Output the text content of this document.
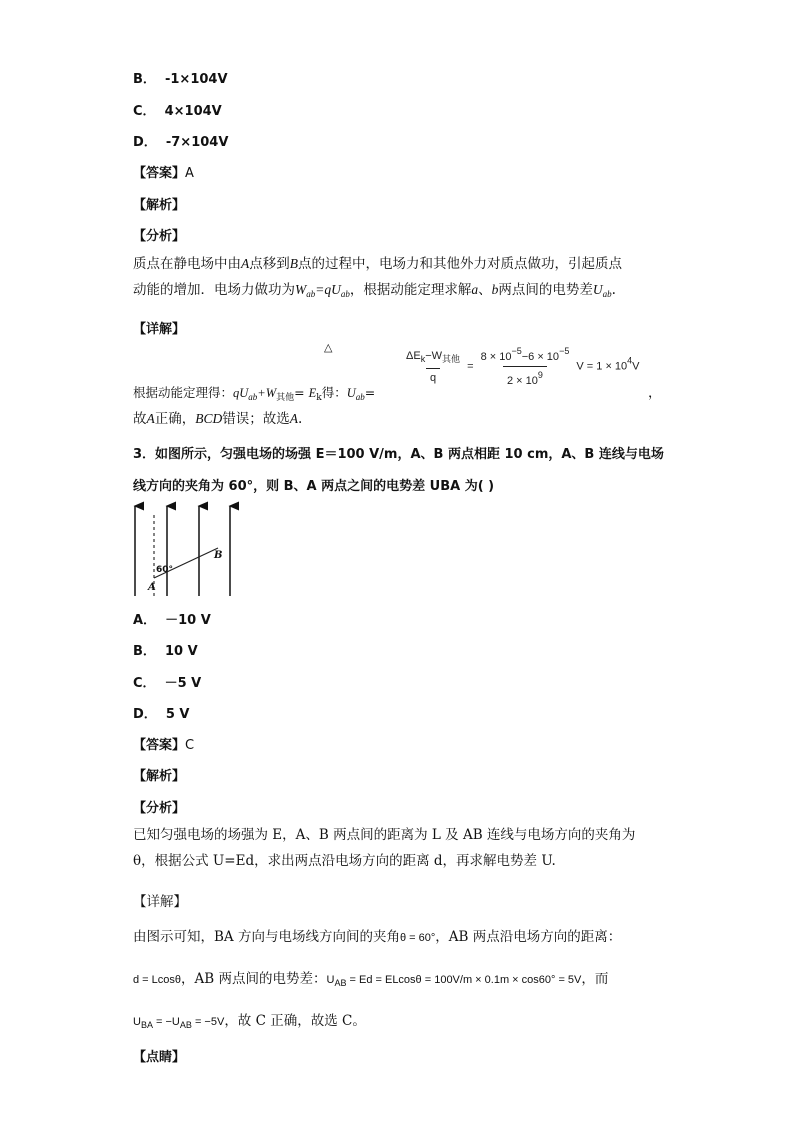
B． -1×104V
C． 4×104V
D． -7×104V
【答案】A
【解析】
【分析】
质点在静电场中由A点移到B点的过程中，电场力和其他外力对质点做功，引起质点
动能的增加．电场力做功为$W_{ab}=qU_{ab}$，根据动能定理求解a、b两点间的电势差$U_{ab}$.
【详解】
△
$\frac{\Delta E_k-W_{其他}}{q} = \frac{8 \times 10^{-5}-6 \times 10^{-5}}{2 \times 10^9}$ $V = 1 \times 10^4V$
根据动能定理得：$qU_{ab}+W_{其他}= E_k$得：$U_{ab}=$	，
故A正确，BCD错误；故选A.
3．如图所示，匀强电场的场强 E＝100 V/m，A、B 两点相距 10 cm，A、B 连线与电场
线方向的夹角为 60°，则 B、A 两点之间的电势差 UBA 为( )
60°
A
B
A． －10 V
B． 10 V
C． －5 V
D． 5 V
【答案】C
【解析】
【分析】
已知匀强电场的场强为 E，A、B 两点间的距离为 L 及 AB 连线与电场方向的夹角为
θ，根据公式 U=Ed，求出两点沿电场方向的距离 d，再求解电势差 U.
【详解】
由图示可知，BA 方向与电场线方向间的夹角θ = 60°，AB 两点沿电场方向的距离：
d = Lcosθ，AB 两点间的电势差：$U_{AB} = Ed = ELcos\theta = 100V/m \times 0.1m \times \cos 60^\circ = 5V$，而
$U_{BA} = -U_{AB} = -5V$，故 C 正确，故选 C。
【点睛】
